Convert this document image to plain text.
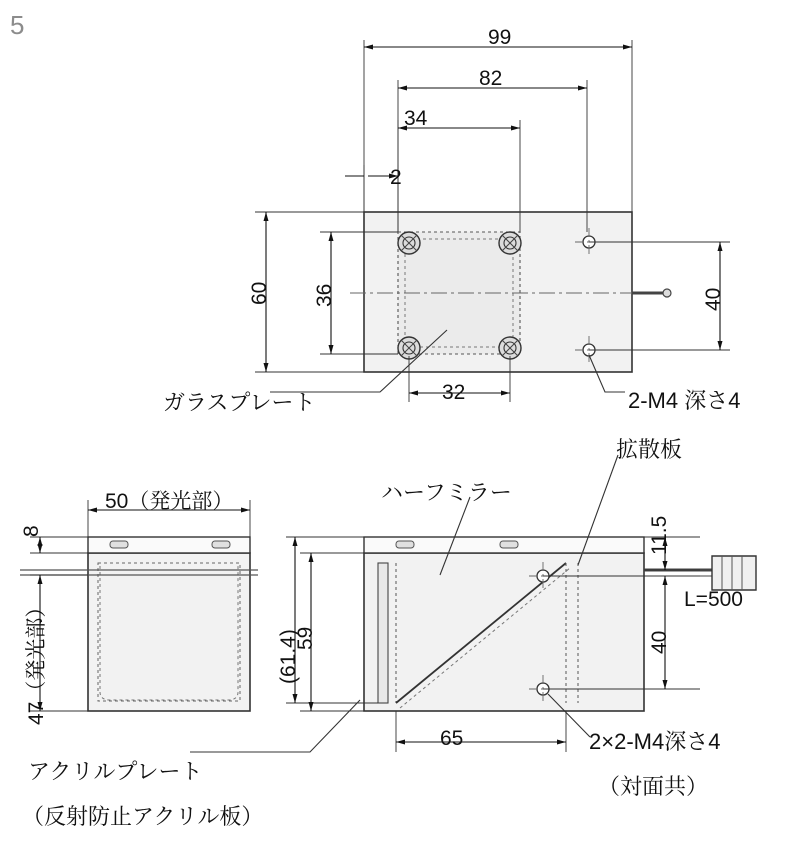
5	99
82
34
2
60 36
32
40
ガラスプレート	2-M4 深さ4
50（発光部）
8
47（発光部）
アクリルプレート
（反射防止アクリル板）
(61.4)
59
65
11.5
40
ハーフミラー
拡散板
L=500
2×2-M4深さ4
（対面共）
